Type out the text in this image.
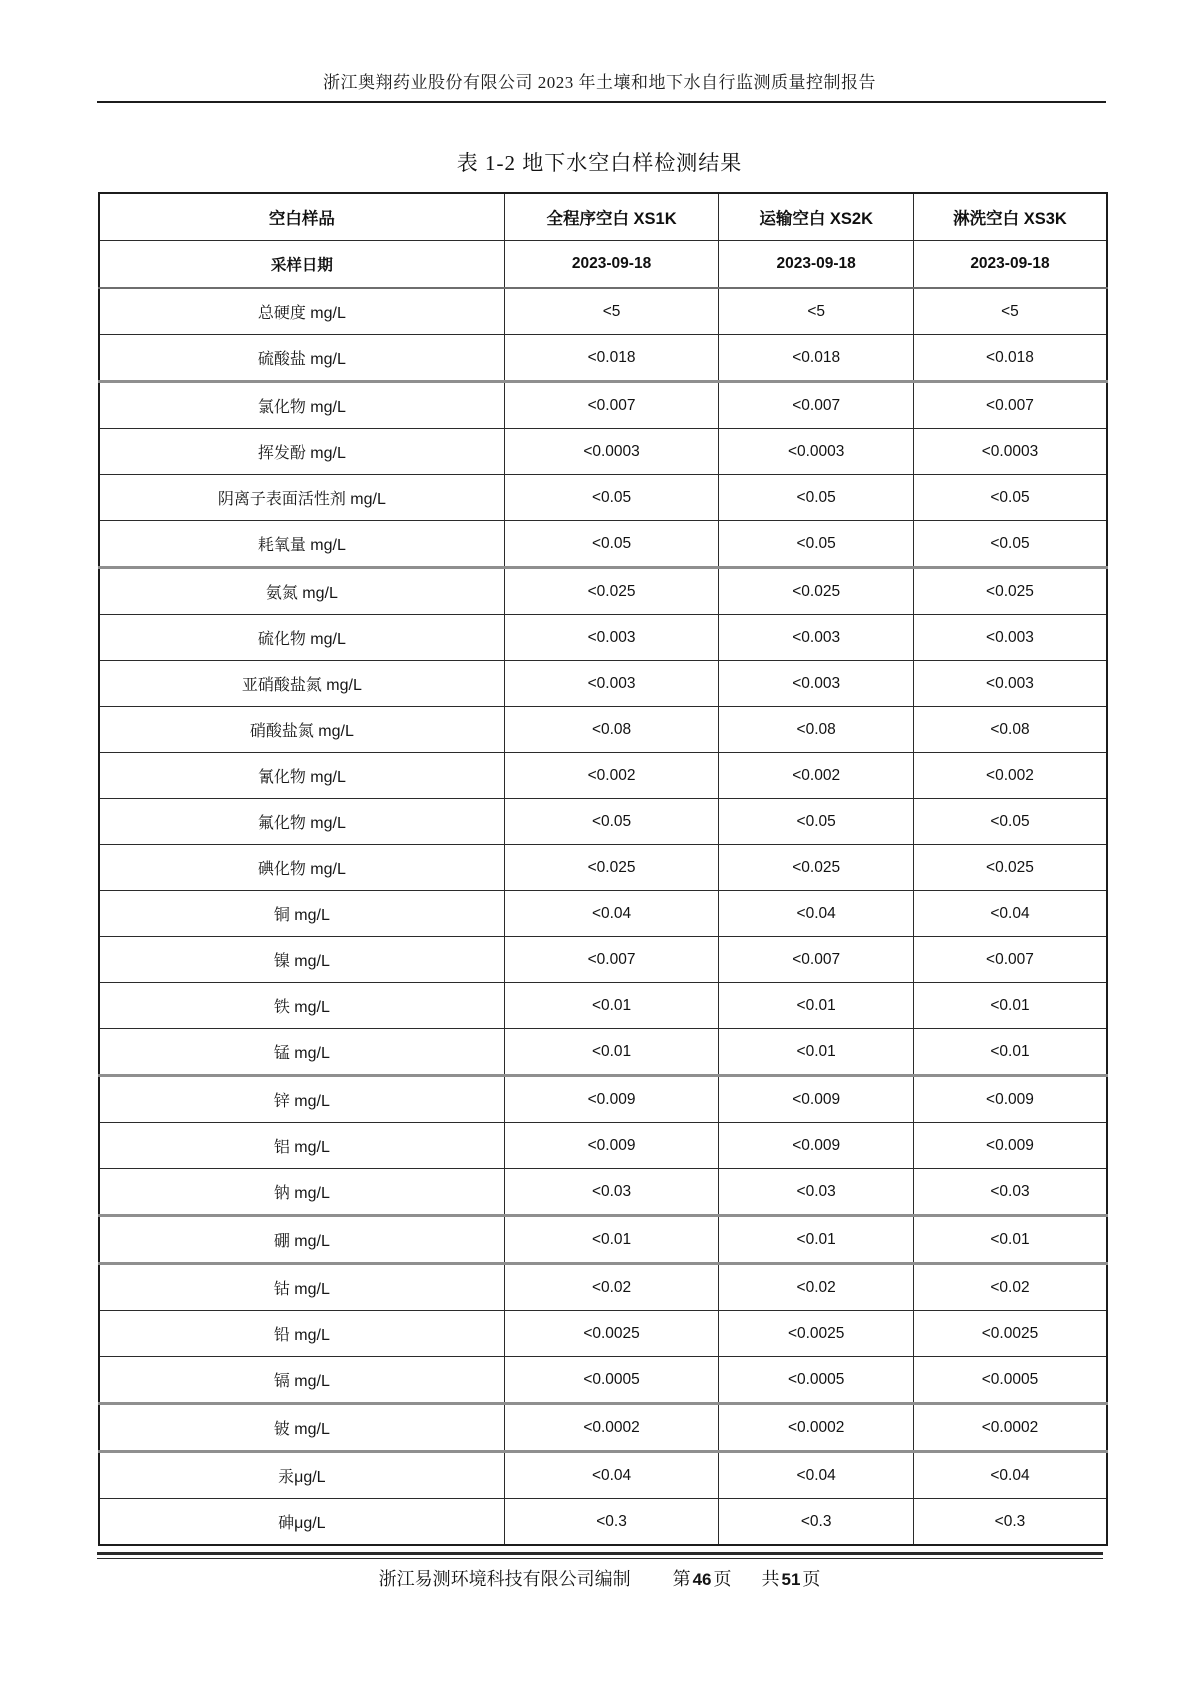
浙江奥翔药业股份有限公司 2023 年土壤和地下水自行监测质量控制报告
表 1-2 地下水空白样检测结果
空白样品	全程序空白 XS1K	运输空白 XS2K	淋洗空白 XS3K
采样日期	2023-09-18	2023-09-18	2023-09-18
总硬度 mg/L	<5	<5	<5
硫酸盐 mg/L	<0.018	<0.018	<0.018
氯化物 mg/L	<0.007	<0.007	<0.007
挥发酚 mg/L	<0.0003	<0.0003	<0.0003
阴离子表面活性剂 mg/L	<0.05	<0.05	<0.05
耗氧量 mg/L	<0.05	<0.05	<0.05
氨氮 mg/L	<0.025	<0.025	<0.025
硫化物 mg/L	<0.003	<0.003	<0.003
亚硝酸盐氮 mg/L	<0.003	<0.003	<0.003
硝酸盐氮 mg/L	<0.08	<0.08	<0.08
氰化物 mg/L	<0.002	<0.002	<0.002
氟化物 mg/L	<0.05	<0.05	<0.05
碘化物 mg/L	<0.025	<0.025	<0.025
铜 mg/L	<0.04	<0.04	<0.04
镍 mg/L	<0.007	<0.007	<0.007
铁 mg/L	<0.01	<0.01	<0.01
锰 mg/L	<0.01	<0.01	<0.01
锌 mg/L	<0.009	<0.009	<0.009
铝 mg/L	<0.009	<0.009	<0.009
钠 mg/L	<0.03	<0.03	<0.03
硼 mg/L	<0.01	<0.01	<0.01
钴 mg/L	<0.02	<0.02	<0.02
铅 mg/L	<0.0025	<0.0025	<0.0025
镉 mg/L	<0.0005	<0.0005	<0.0005
铍 mg/L	<0.0002	<0.0002	<0.0002
汞μg/L	<0.04	<0.04	<0.04
砷μg/L	<0.3	<0.3	<0.3
浙江易测环境科技有限公司编制 第 46 页 共 51 页
